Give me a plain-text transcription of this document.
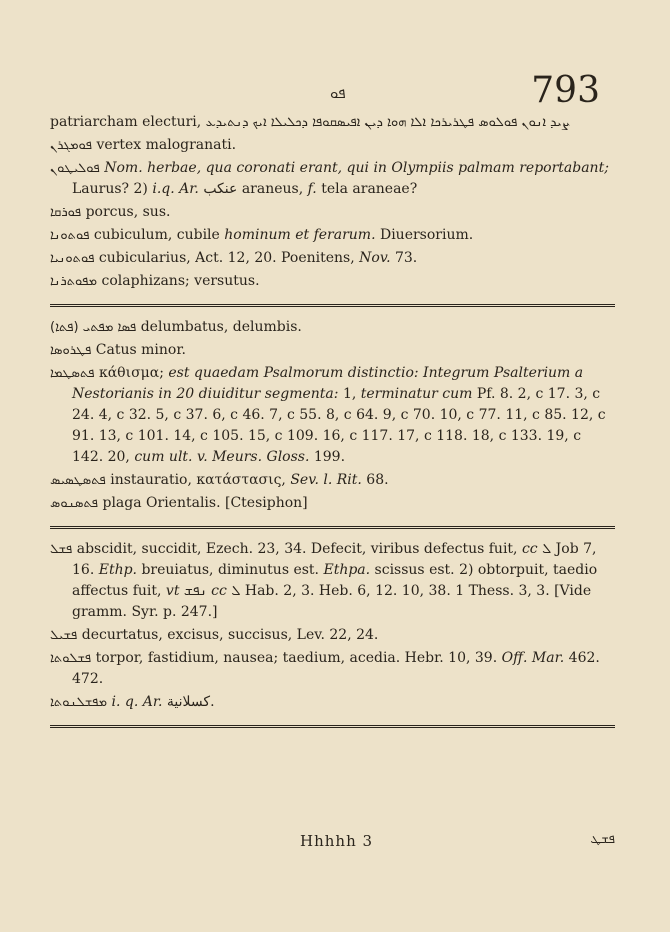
ܦܘ	793

patriarcham electuri,	ܨܝܕ ܐܢܘܢ ܦܘܠܘܣ ܦܛܪܝܪܟܐ ܐܠܐ ܗܘܐ ܕܝܢ ܐܦܝܣܩܘܦܐ ܕܟܠܝܠܐ ܐܝܟ ܕܢܬܝܕܥ

ܦܘܡܓܪܢ vertex malogranati.

ܦܘܠܝܛܘܢ Nom. herbae, qua coronati erant, qui in Olympiis palmam reportabant; Laurus? 2) i.q. Ar. ﻋﻨﻜﺐ araneus, f. tela araneae?

ܦܘܪܩܐ porcus, sus.

ܦܘܬܘܢܐ cubiculum, cubile hominum et ferarum. Diuersorium.

ܦܘܬܘܢܝܐ cubicularius, Act. 12, 20. Poenitens, Nov. 73.

ܡܦܘܬܪܢܐ colaphizans; versutus.

(ܦܬܐ) ܦܣܐ ܡܦܬܝ delumbatus, delumbis.

ܦܛܪܘܣܐ Catus minor.

ܦܬܣܛܡܐ κάθισμα; est quaedam Psalmorum distinctio: Integrum Psalterium a Nestorianis in 20 diuiditur segmenta: 1, terminatur cum Pf. 8. 2, c 17. 3, c 24. 4, c 32. 5, c 37. 6, c 46. 7, c 55. 8, c 64. 9, c 70. 10, c 77. 11, c 85. 12, c 91. 13, c 101. 14, c 105. 15, c 109. 16, c 117. 17, c 118. 18, c 133. 19, c 142. 20, cum ult. v. Meurs. Gloss. 199.

ܦܬܣܛܣܝܣ instauratio, κατάστασις, Sev. l. Rit. 68.

ܦܬܣܢܘܣ plaga Orientalis. [Ctesiphon]

ܦܫܠ abscidit, succidit, Ezech. 23, 34. Defecit, viribus defectus fuit, cc ܠ Job 7, 16. Ethp. breuiatus, diminutus est. Ethpa. scissus est. 2) obtorpuit, taedio affectus fuit, vt ܢܦܫ cc ܠ Hab. 2, 3. Heb. 6, 12. 10, 38. 1 Thess. 3, 3. [Vide gramm. Syr. p. 247.]

ܦܫܝܠ decurtatus, excisus, succisus, Lev. 22, 24.

ܦܫܠܘܬܐ torpor, fastidium, nausea; taedium, acedia. Hebr. 10, 39. Off. Mar. 462. 472.

ܡܦܫܠܢܘܬܐ i. q. Ar. ﻛﺴﻠﺎﻧﻴﺔ.

Hhhhh 3	ܦܫܛ
